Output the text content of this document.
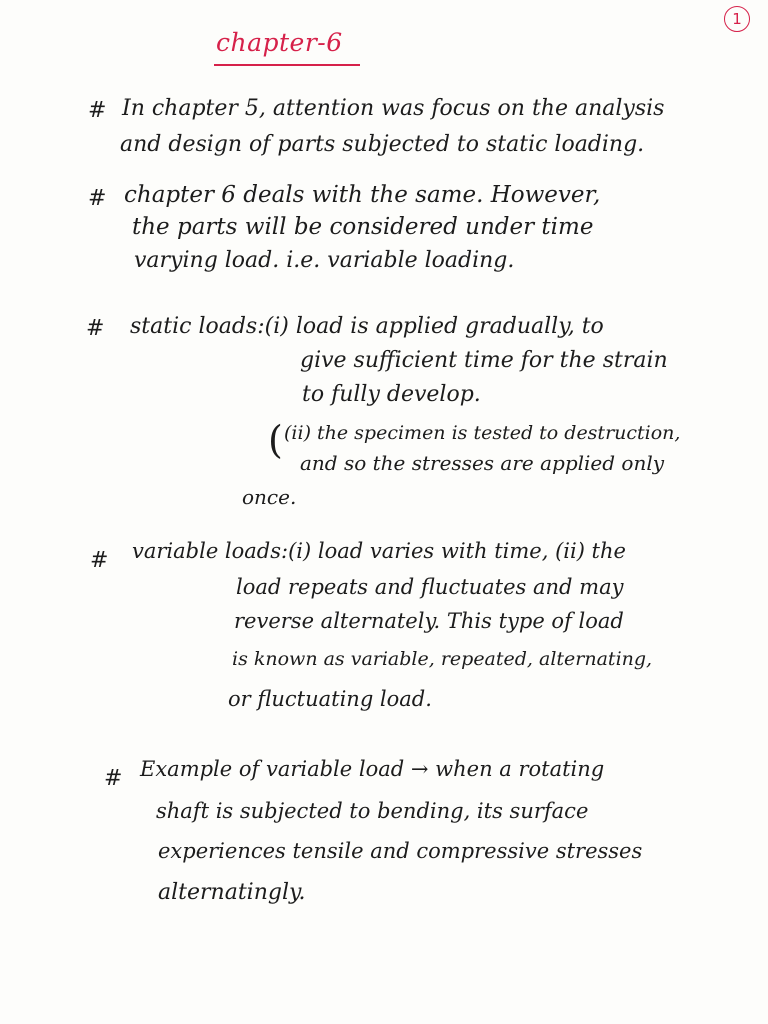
1
chapter-6
# In chapter 5, attention was focus on the analysis
and design of parts subjected to static loading.
# chapter 6 deals with the same. However,
the parts will be considered under time
varying load. i.e. variable loading.
# static loads:(i) load is applied gradually, to
give sufficient time for the strain
to fully develop.
( (ii) the specimen is tested to destruction,
and so the stresses are applied only
once.
# variable loads:(i) load varies with time, (ii) the
load repeats and fluctuates and may
reverse alternately. This type of load
is known as variable, repeated, alternating,
or fluctuating load.
# Example of variable load → when a rotating
shaft is subjected to bending, its surface
experiences tensile and compressive stresses
alternatingly.
